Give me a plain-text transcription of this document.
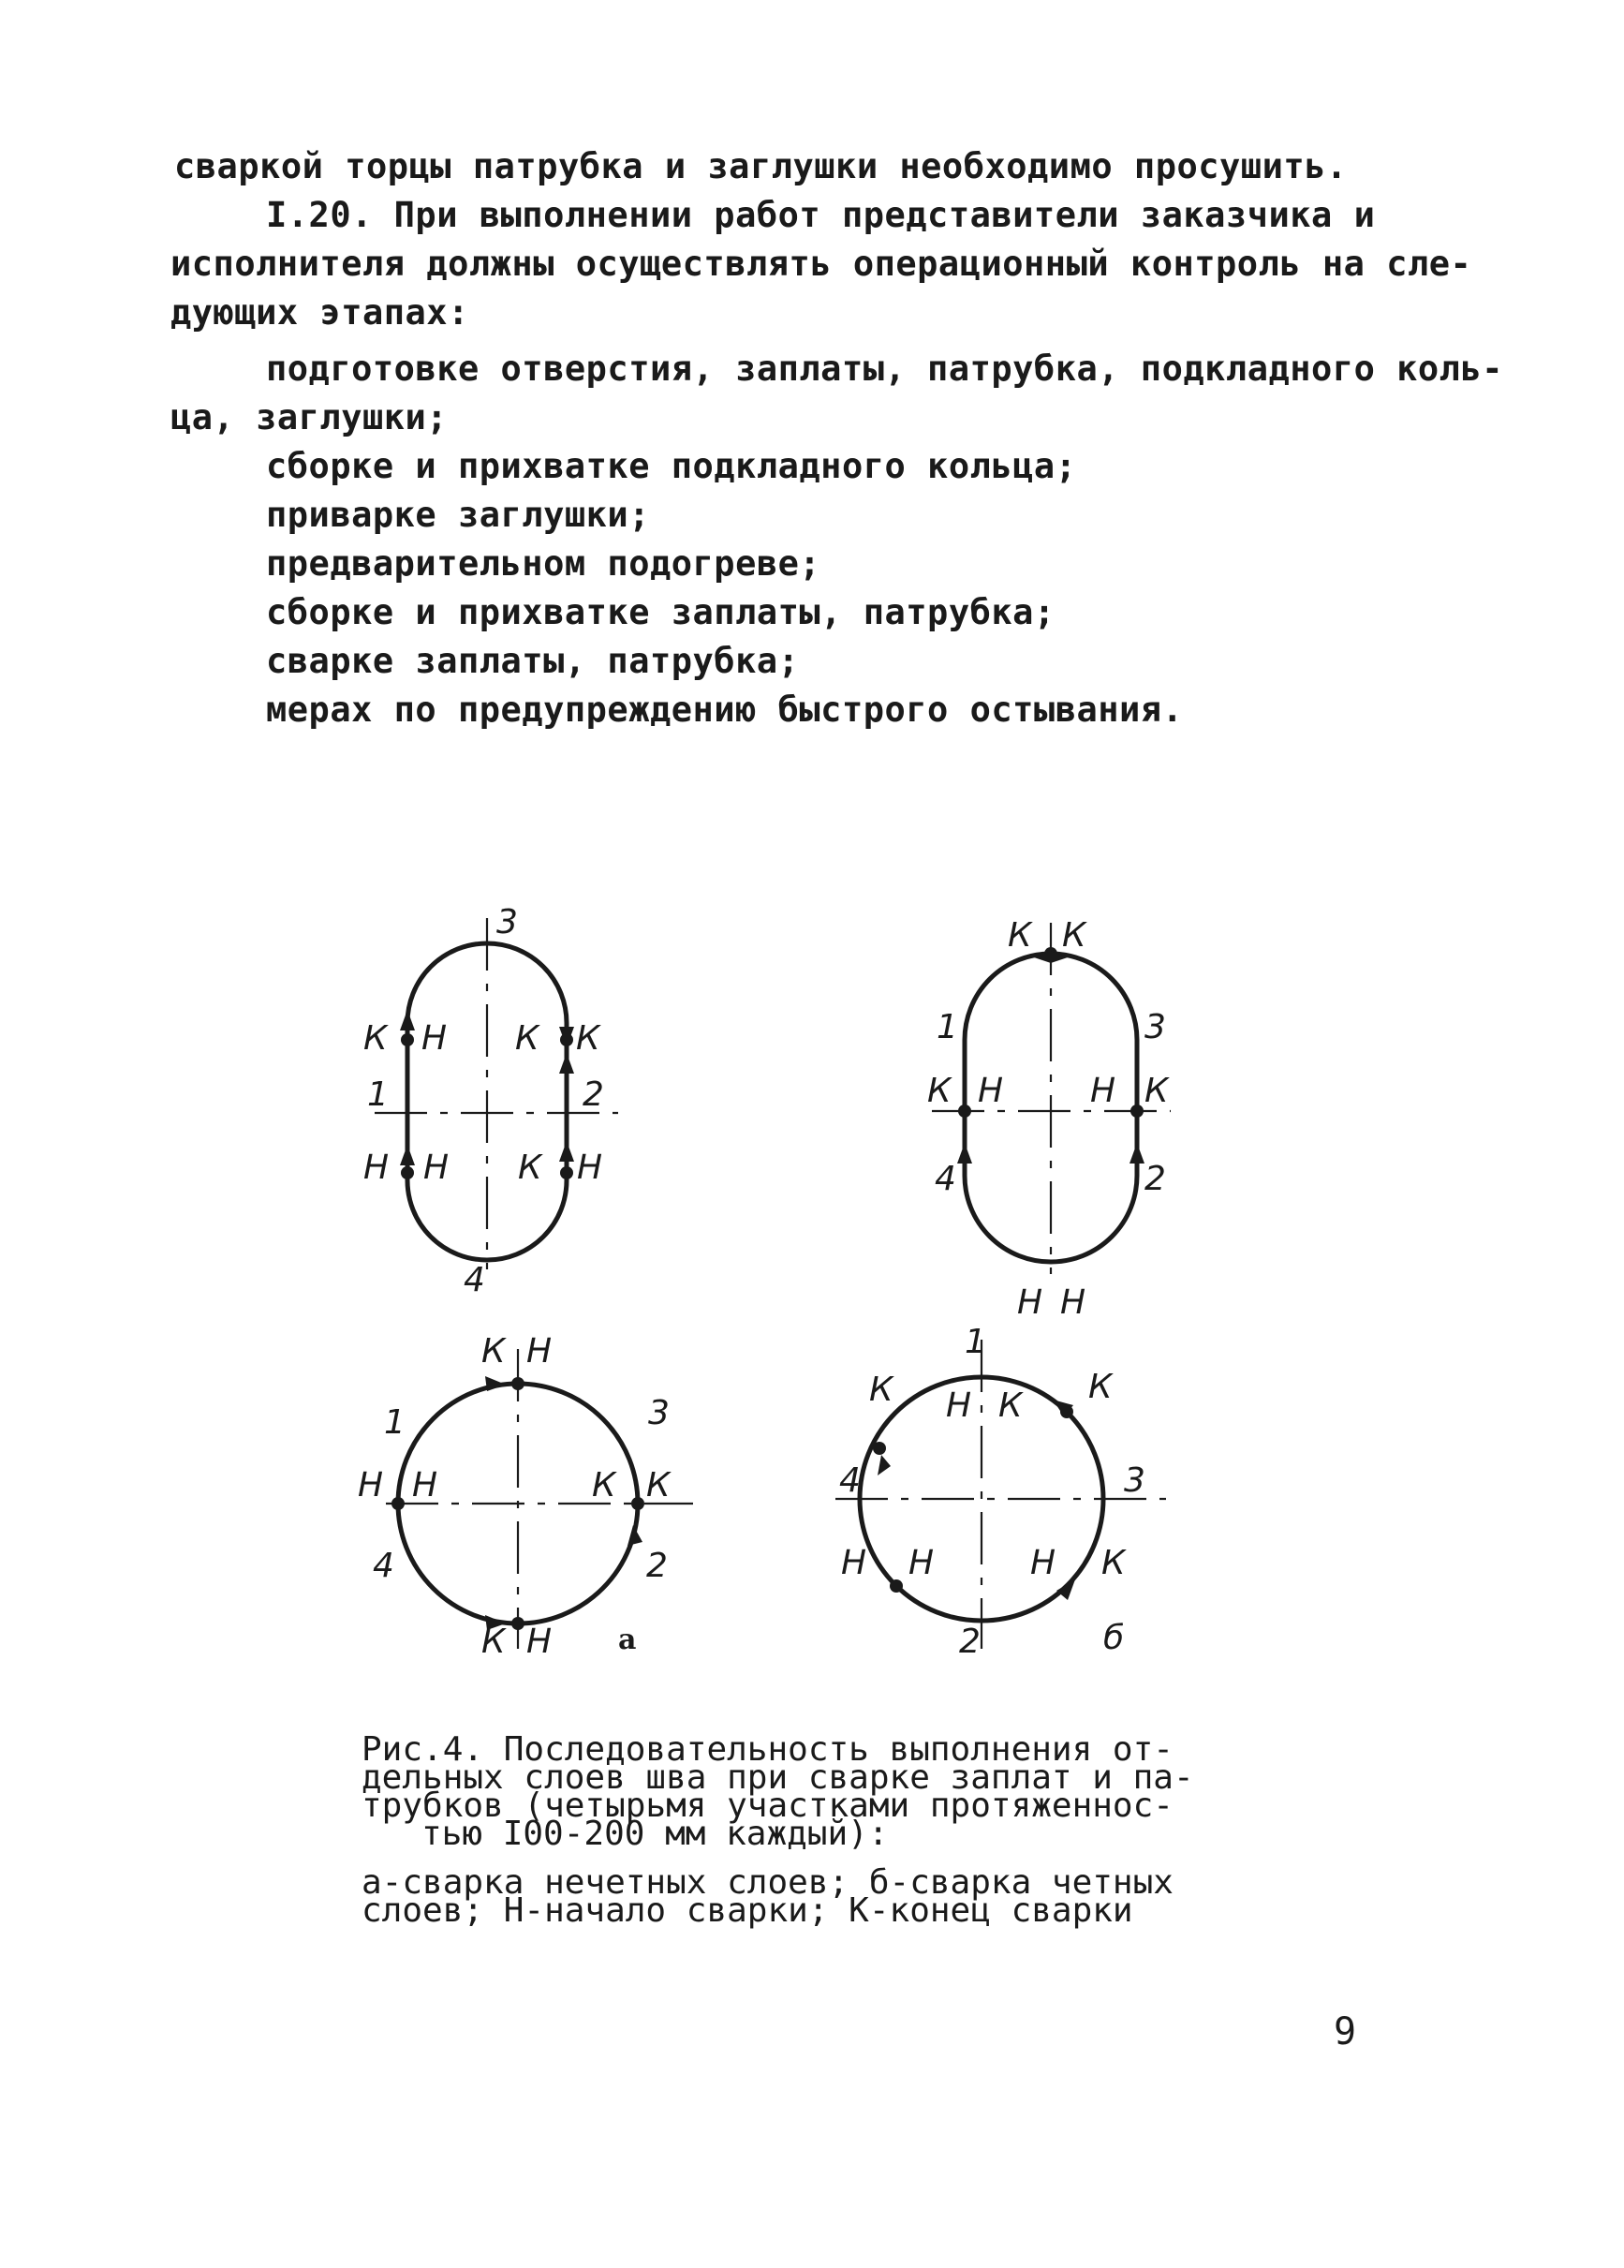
сваркой торцы патрубка и заглушки необходимо просушить.
I.20. При выполнении работ представители заказчика и
исполнителя должны осуществлять операционный контроль на сле-
дующих этапах:
подготовке отверстия, заплаты, патрубка, подкладного коль-
ца, заглушки;
сборке и прихватке подкладного кольца;
приварке заглушки;
предварительном подогреве;
сборке и прихватке заплаты, патрубка;
сварке заплаты, патрубка;
мерах по предупреждению быстрого остывания.
3
4
1	2
К Н К К
Н Н К Н
К К
1	3
К Н	Н К
4	2
Н Н
К Н
1	3
Н Н	К К
4	2
К Н а
1
К Н К К
4	3
Н Н	Н К
2	б
Рис.4. Последовательность выполнения от-
дельных слоев шва при сварке заплат и па-
трубков (четырьмя участками протяженнос-
тью I00-200 мм каждый):
а-сварка нечетных слоев; б-сварка четных
слоев; Н-начало сварки; К-конец сварки
9
